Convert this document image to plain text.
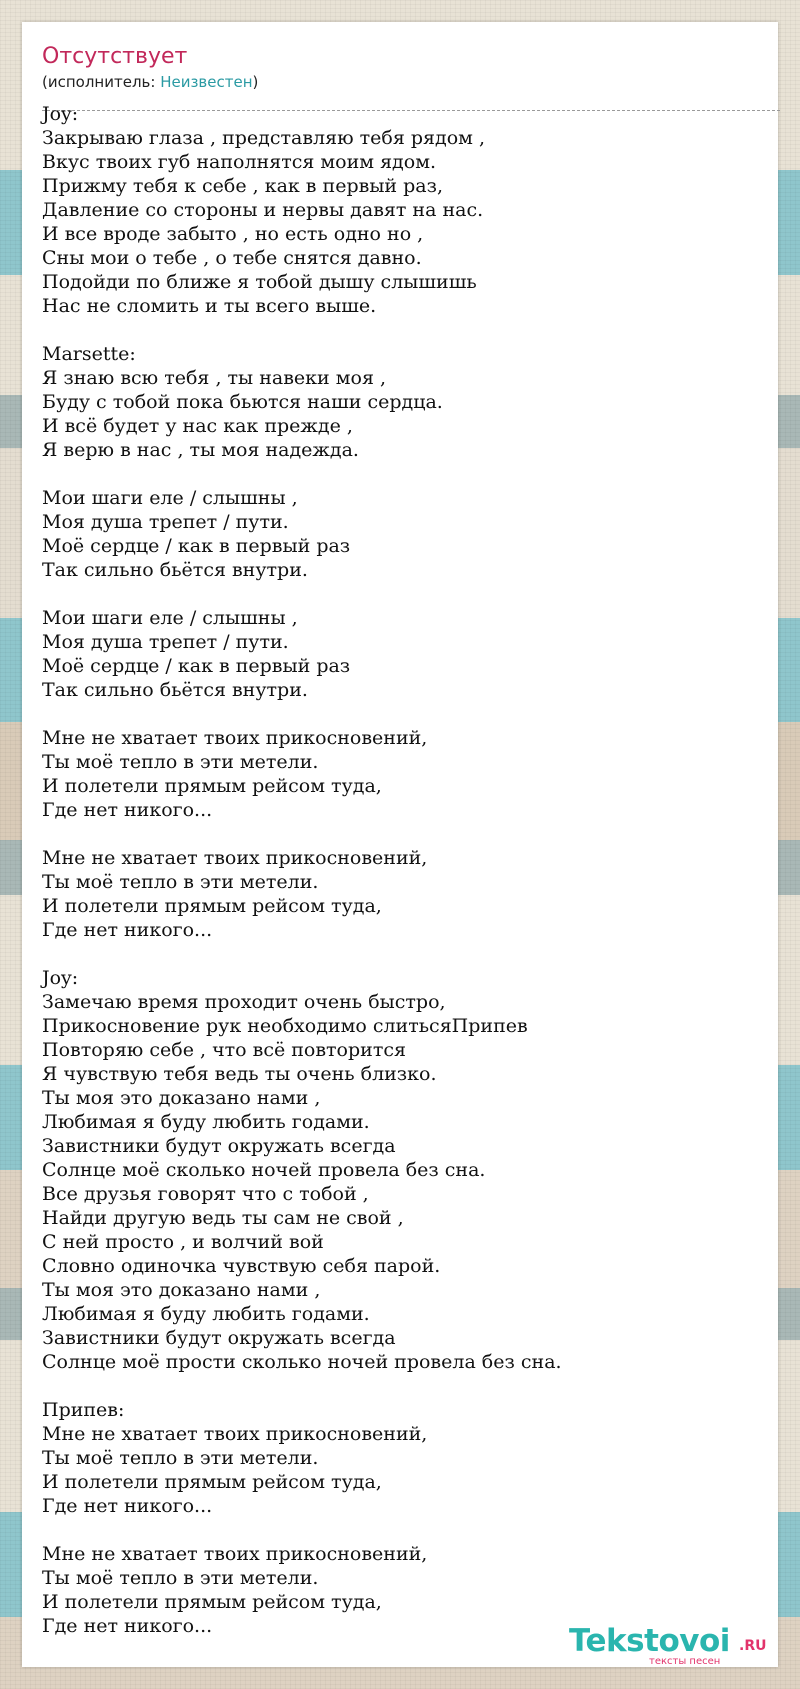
Отсутствует
(исполнитель: Неизвестен)
Joy:
Закрываю глаза , представляю тебя рядом ,
Вкус твоих губ наполнятся моим ядом.
Прижму тебя к себе , как в первый раз,
Давление со стороны и нервы давят на нас.
И все вроде забыто , но есть одно но ,
Сны мои о тебе , о тебе снятся давно.
Подойди по ближе я тобой дышу слышишь
Нас не сломить и ты всего выше.
Marsette:
Я знаю всю тебя , ты навеки моя ,
Буду с тобой пока бьются наши сердца.
И всё будет у нас как прежде ,
Я верю в нас , ты моя надежда.
Мои шаги еле / слышны ,
Моя душа трепет / пути.
Моё сердце / как в первый раз
Так сильно бьётся внутри.
Мои шаги еле / слышны ,
Моя душа трепет / пути.
Моё сердце / как в первый раз
Так сильно бьётся внутри.
Мне не хватает твоих прикосновений,
Ты моё тепло в эти метели.
И полетели прямым рейсом туда,
Где нет никого...
Мне не хватает твоих прикосновений,
Ты моё тепло в эти метели.
И полетели прямым рейсом туда,
Где нет никого...
Joy:
Замечаю время проходит очень быстро,
Прикосновение рук необходимо слитьсяПрипев
Повторяю себе , что всё повторится
Я чувствую тебя ведь ты очень близко.
Ты моя это доказано нами ,
Любимая я буду любить годами.
Завистники будут окружать всегда
Солнце моё сколько ночей провела без сна.
Все друзья говорят что с тобой ,
Найди другую ведь ты сам не свой ,
С ней просто , и волчий вой
Словно одиночка чувствую себя парой.
Ты моя это доказано нами ,
Любимая я буду любить годами.
Завистники будут окружать всегда
Солнце моё прости сколько ночей провела без сна.
Припев:
Мне не хватает твоих прикосновений,
Ты моё тепло в эти метели.
И полетели прямым рейсом туда,
Где нет никого...
Мне не хватает твоих прикосновений,
Ты моё тепло в эти метели.
И полетели прямым рейсом туда,
Где нет никого...	Tekstovoi .RU
тексты песен
